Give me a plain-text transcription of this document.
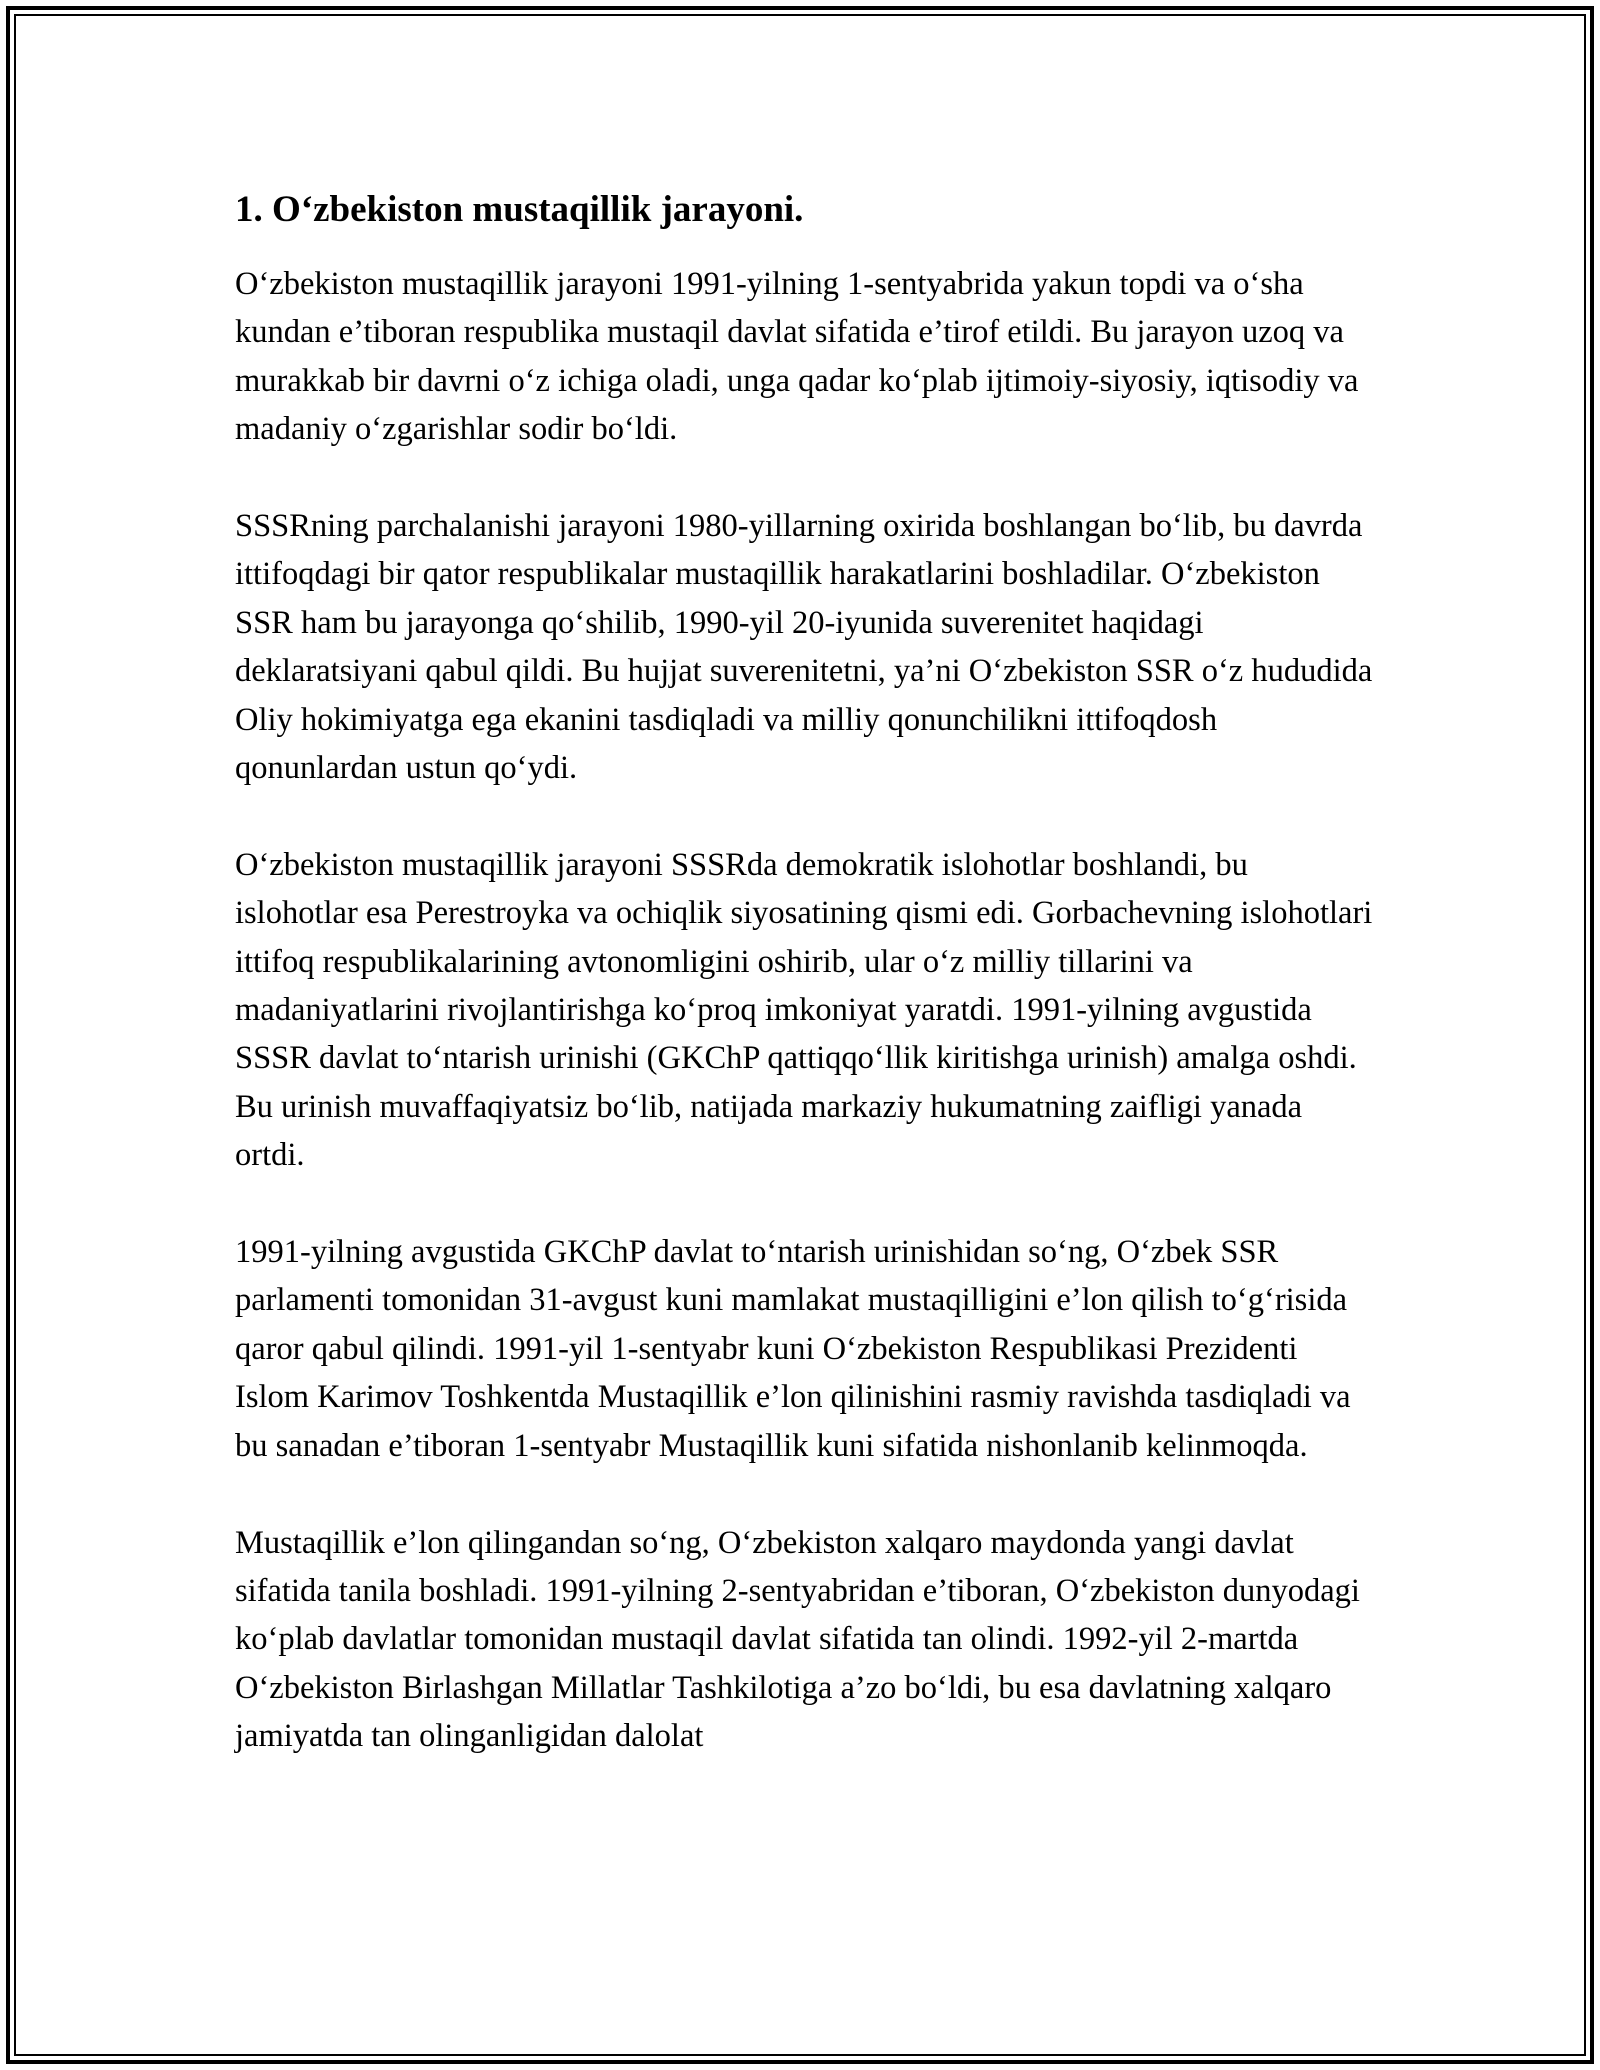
1. O‘zbekiston mustaqillik jarayoni.

O‘zbekiston mustaqillik jarayoni 1991-yilning 1-sentyabrida yakun topdi va o‘sha kundan e’tiboran respublika mustaqil davlat sifatida e’tirof etildi. Bu jarayon uzoq va murakkab bir davrni o‘z ichiga oladi, unga qadar ko‘plab ijtimoiy-siyosiy, iqtisodiy va madaniy o‘zgarishlar sodir bo‘ldi.

SSSRning parchalanishi jarayoni 1980-yillarning oxirida boshlangan bo‘lib, bu davrda ittifoqdagi bir qator respublikalar mustaqillik harakatlarini boshladilar. O‘zbekiston SSR ham bu jarayonga qo‘shilib, 1990-yil 20-iyunida suverenitet haqidagi deklaratsiyani qabul qildi. Bu hujjat suverenitetni, ya’ni O‘zbekiston SSR o‘z hududida Oliy hokimiyatga ega ekanini tasdiqladi va milliy qonunchilikni ittifoqdosh qonunlardan ustun qo‘ydi.

O‘zbekiston mustaqillik jarayoni SSSRda demokratik islohotlar boshlandi, bu islohotlar esa Perestroyka va ochiqlik siyosatining qismi edi. Gorbachevning islohotlari ittifoq respublikalarining avtonomligini oshirib, ular o‘z milliy tillarini va madaniyatlarini rivojlantirishga ko‘proq imkoniyat yaratdi. 1991-yilning avgustida SSSR davlat to‘ntarish urinishi (GKChP qattiqqo‘llik kiritishga urinish) amalga oshdi. Bu urinish muvaffaqiyatsiz bo‘lib, natijada markaziy hukumatning zaifligi yanada ortdi.

1991-yilning avgustida GKChP davlat to‘ntarish urinishidan so‘ng, O‘zbek SSR parlamenti tomonidan 31-avgust kuni mamlakat mustaqilligini e’lon qilish to‘g‘risida qaror qabul qilindi. 1991-yil 1-sentyabr kuni O‘zbekiston Respublikasi Prezidenti Islom Karimov Toshkentda Mustaqillik e’lon qilinishini rasmiy ravishda tasdiqladi va bu sanadan e’tiboran 1-sentyabr Mustaqillik kuni sifatida nishonlanib kelinmoqda.

Mustaqillik e’lon qilingandan so‘ng, O‘zbekiston xalqaro maydonda yangi davlat sifatida tanila boshladi. 1991-yilning 2-sentyabridan e’tiboran, O‘zbekiston dunyodagi ko‘plab davlatlar tomonidan mustaqil davlat sifatida tan olindi. 1992-yil 2-martda O‘zbekiston Birlashgan Millatlar Tashkilotiga a’zo bo‘ldi, bu esa davlatning xalqaro jamiyatda tan olinganligidan dalolat
